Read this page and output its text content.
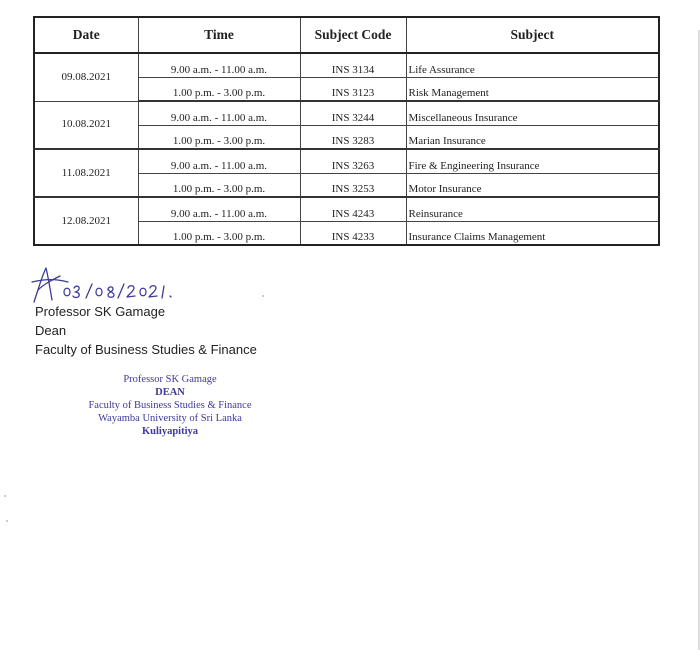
Date	Time	Subject Code	Subject
09.08.2021	9.00 a.m. - 11.00 a.m.	INS 3134	Life Assurance
	1.00 p.m. - 3.00 p.m.	INS 3123	Risk Management
10.08.2021	9.00 a.m. - 11.00 a.m.	INS 3244	Miscellaneous Insurance
	1.00 p.m. - 3.00 p.m.	INS 3283	Marian Insurance
11.08.2021	9.00 a.m. - 11.00 a.m.	INS 3263	Fire & Engineering Insurance
	1.00 p.m. - 3.00 p.m.	INS 3253	Motor Insurance
12.08.2021	9.00 a.m. - 11.00 a.m.	INS 4243	Reinsurance
	1.00 p.m. - 3.00 p.m.	INS 4233	Insurance Claims Management
Professor SK Gamage
Dean
Faculty of Business Studies & Finance
Professor SK Gamage
DEAN
Faculty of Business Studies & Finance
Wayamba University of Sri Lanka
Kuliyapitiya
